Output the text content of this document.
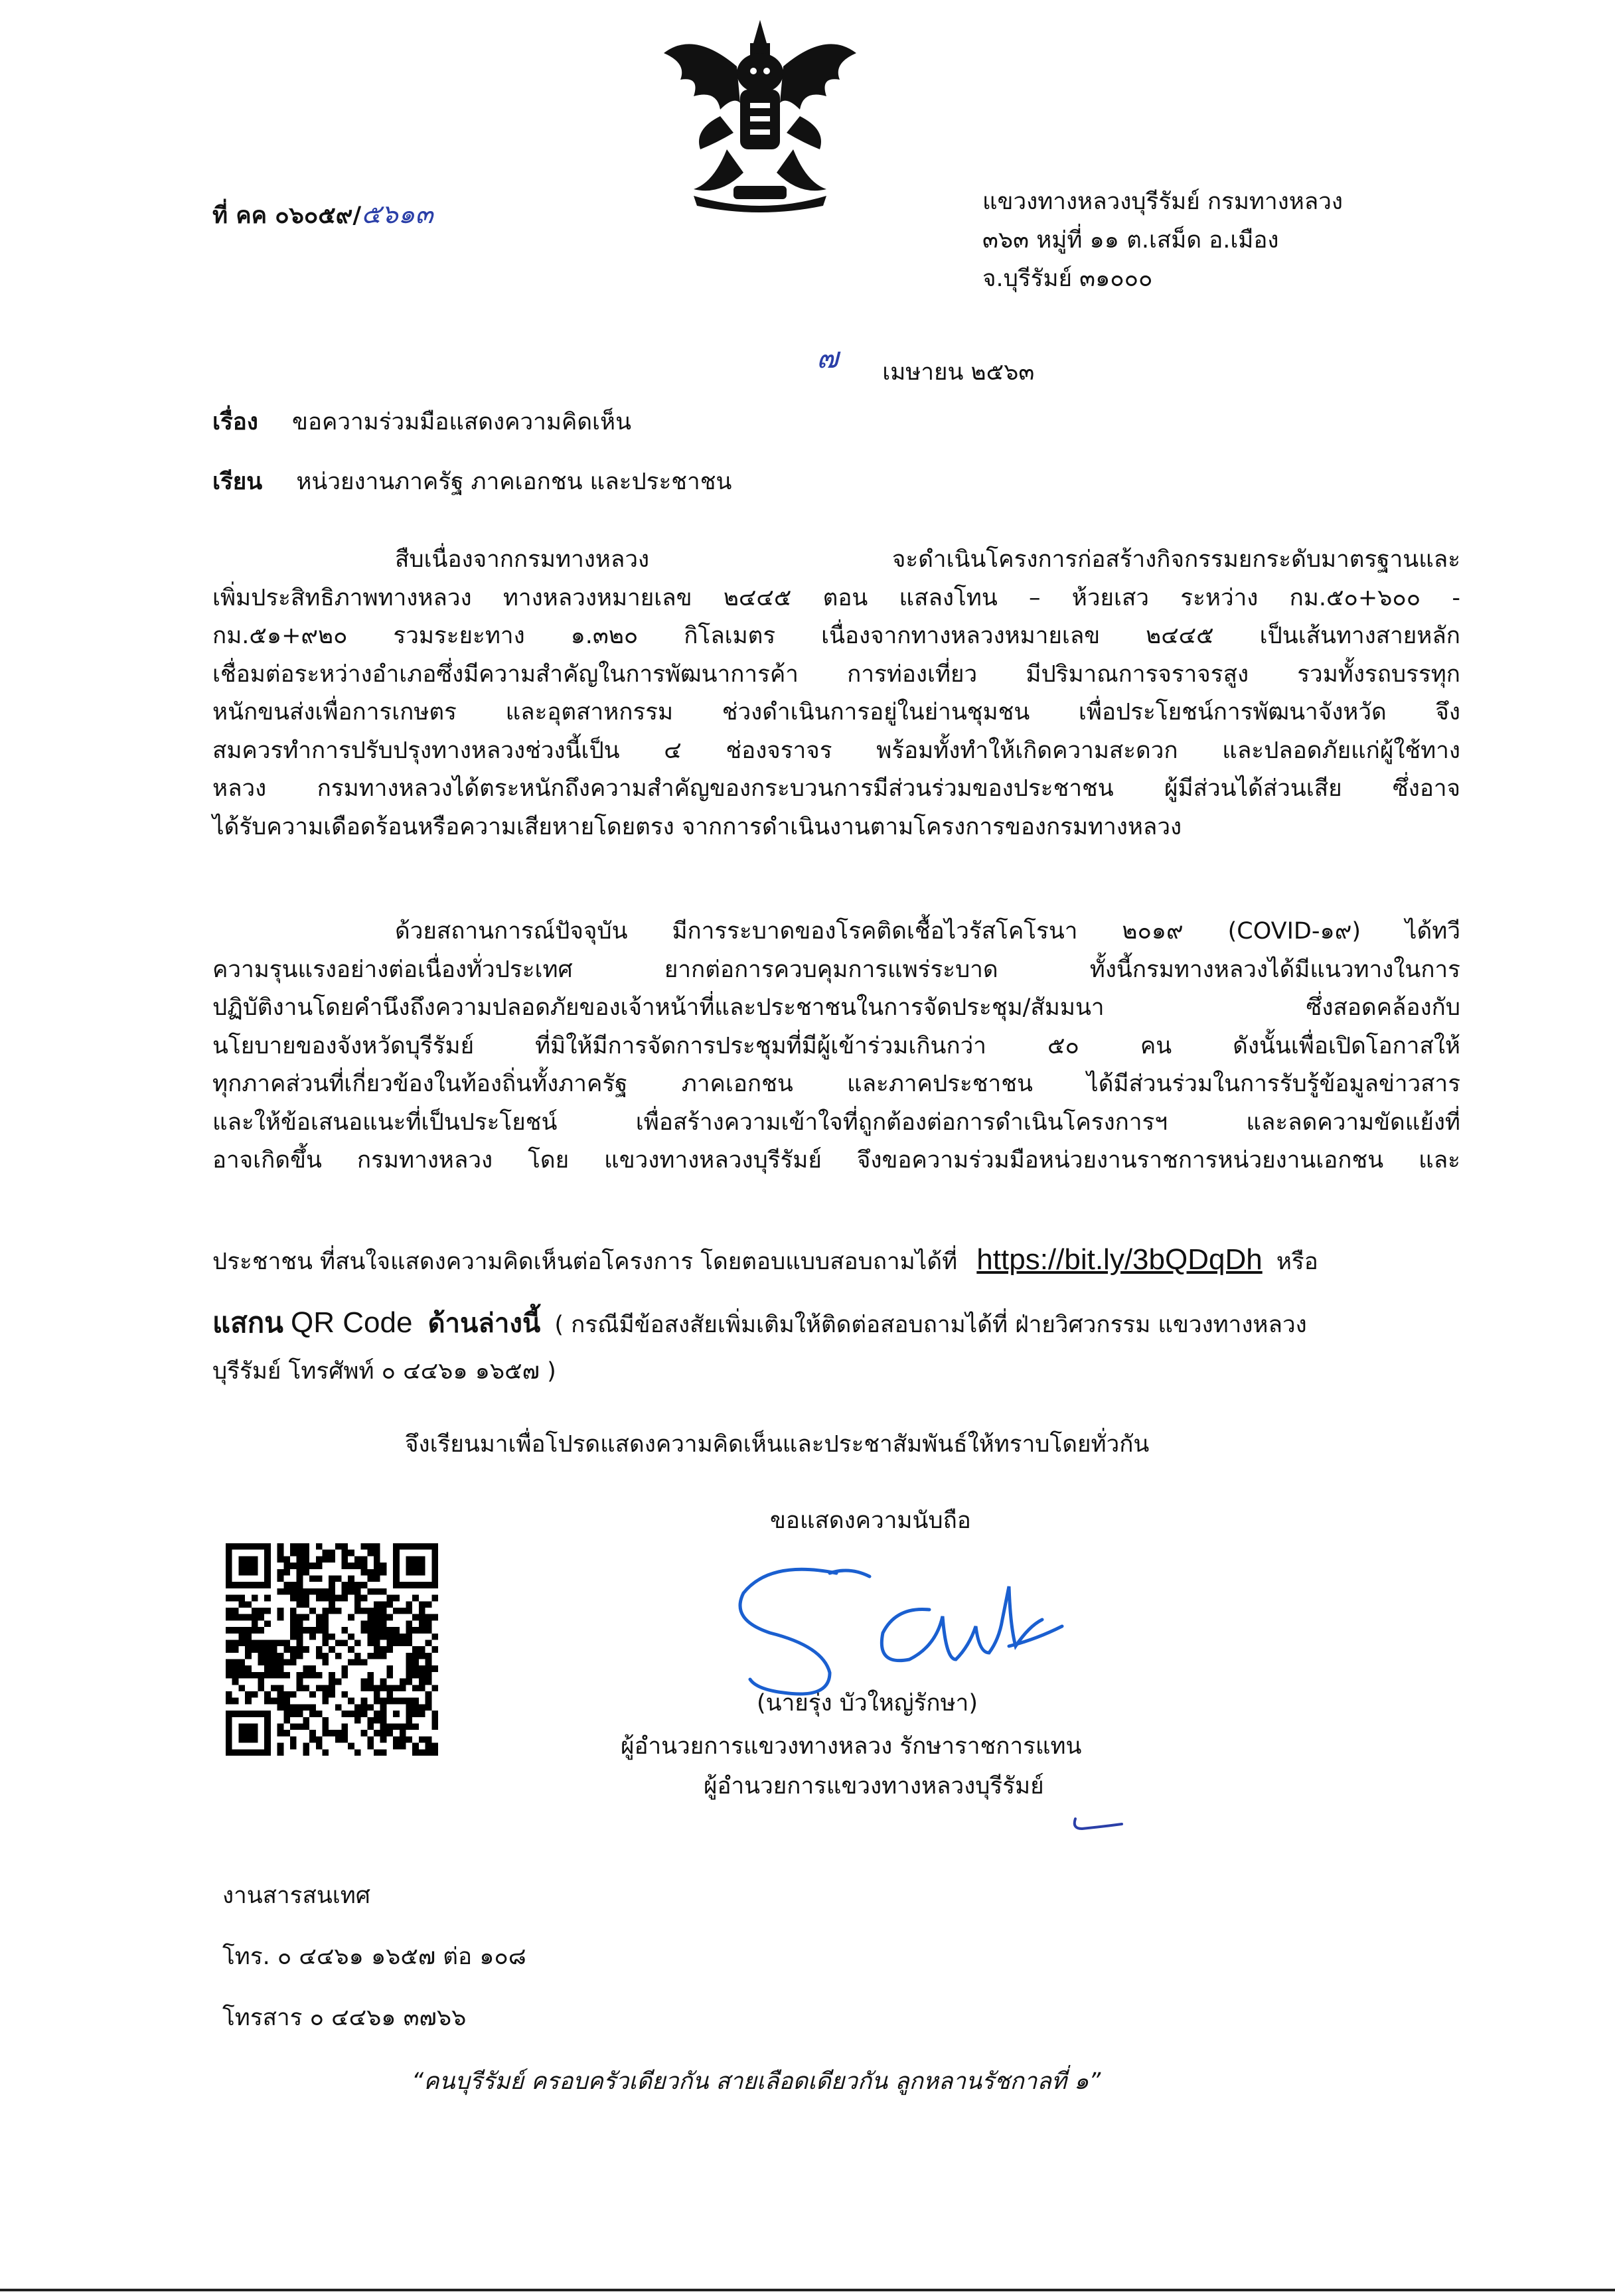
ที่ คค ๐๖๐๕๙/๕๖๑๓	แขวงทางหลวงบุรีรัมย์ กรมทางหลวง
๓๖๓ หมู่ที่ ๑๑ ต.เสม็ด อ.เมือง
จ.บุรีรัมย์ ๓๑๐๐๐
๗ เมษายน ๒๕๖๓
เรื่อง ขอความร่วมมือแสดงความคิดเห็น
เรียน หน่วยงานภาครัฐ ภาคเอกชน และประชาชน
สืบเนื่องจากกรมทางหลวง จะดำเนินโครงการก่อสร้างกิจกรรมยกระดับมาตรฐานและ
เพิ่มประสิทธิภาพทางหลวง ทางหลวงหมายเลข ๒๔๔๕ ตอน แสลงโทน – ห้วยเสว ระหว่าง กม.๕๐+๖๐๐ -
กม.๕๑+๙๒๐ รวมระยะทาง ๑.๓๒๐ กิโลเมตร เนื่องจากทางหลวงหมายเลข ๒๔๔๕ เป็นเส้นทางสายหลัก
เชื่อมต่อระหว่างอำเภอซึ่งมีความสำคัญในการพัฒนาการค้า การท่องเที่ยว มีปริมาณการจราจรสูง รวมทั้งรถบรรทุก
หนักขนส่งเพื่อการเกษตร และอุตสาหกรรม ช่วงดำเนินการอยู่ในย่านชุมชน เพื่อประโยชน์การพัฒนาจังหวัด จึง
สมควรทำการปรับปรุงทางหลวงช่วงนี้เป็น ๔ ช่องจราจร พร้อมทั้งทำให้เกิดความสะดวก และปลอดภัยแก่ผู้ใช้ทาง
หลวง กรมทางหลวงได้ตระหนักถึงความสำคัญของกระบวนการมีส่วนร่วมของประชาชน ผู้มีส่วนได้ส่วนเสีย ซึ่งอาจ
ได้รับความเดือดร้อนหรือความเสียหายโดยตรง จากการดำเนินงานตามโครงการของกรมทางหลวง
ด้วยสถานการณ์ปัจจุบัน มีการระบาดของโรคติดเชื้อไวรัสโคโรนา ๒๐๑๙ (COVID-๑๙) ได้ทวี
ความรุนแรงอย่างต่อเนื่องทั่วประเทศ ยากต่อการควบคุมการแพร่ระบาด ทั้งนี้กรมทางหลวงได้มีแนวทางในการ
ปฏิบัติงานโดยคำนึงถึงความปลอดภัยของเจ้าหน้าที่และประชาชนในการจัดประชุม/สัมมนา ซึ่งสอดคล้องกับ
นโยบายของจังหวัดบุรีรัมย์ ที่มิให้มีการจัดการประชุมที่มีผู้เข้าร่วมเกินกว่า ๕๐ คน ดังนั้นเพื่อเปิดโอกาสให้
ทุกภาคส่วนที่เกี่ยวข้องในท้องถิ่นทั้งภาครัฐ ภาคเอกชน และภาคประชาชน ได้มีส่วนร่วมในการรับรู้ข้อมูลข่าวสาร
และให้ข้อเสนอแนะที่เป็นประโยชน์ เพื่อสร้างความเข้าใจที่ถูกต้องต่อการดำเนินโครงการฯ และลดความขัดแย้งที่
อาจเกิดขึ้น กรมทางหลวง โดย แขวงทางหลวงบุรีรัมย์ จึงขอความร่วมมือหน่วยงานราชการหน่วยงานเอกชน และ
ประชาชน ที่สนใจแสดงความคิดเห็นต่อโครงการ โดยตอบแบบสอบถามได้ที่ https://bit.ly/3bQDqDh หรือ
แสกน QR Code ด้านล่างนี้ ( กรณีมีข้อสงสัยเพิ่มเติมให้ติดต่อสอบถามได้ที่ ฝ่ายวิศวกรรม แขวงทางหลวง
บุรีรัมย์ โทรศัพท์ ๐ ๔๔๖๑ ๑๖๕๗ )
จึงเรียนมาเพื่อโปรดแสดงความคิดเห็นและประชาสัมพันธ์ให้ทราบโดยทั่วกัน
ขอแสดงความนับถือ
(นายรุ่ง บัวใหญ่รักษา)
ผู้อำนวยการแขวงทางหลวง รักษาราชการแทน
ผู้อำนวยการแขวงทางหลวงบุรีรัมย์
งานสารสนเทศ
โทร. ๐ ๔๔๖๑ ๑๖๕๗ ต่อ ๑๐๘
โทรสาร ๐ ๔๔๖๑ ๓๗๖๖
“คนบุรีรัมย์ ครอบครัวเดียวกัน สายเลือดเดียวกัน ลูกหลานรัชกาลที่ ๑”
